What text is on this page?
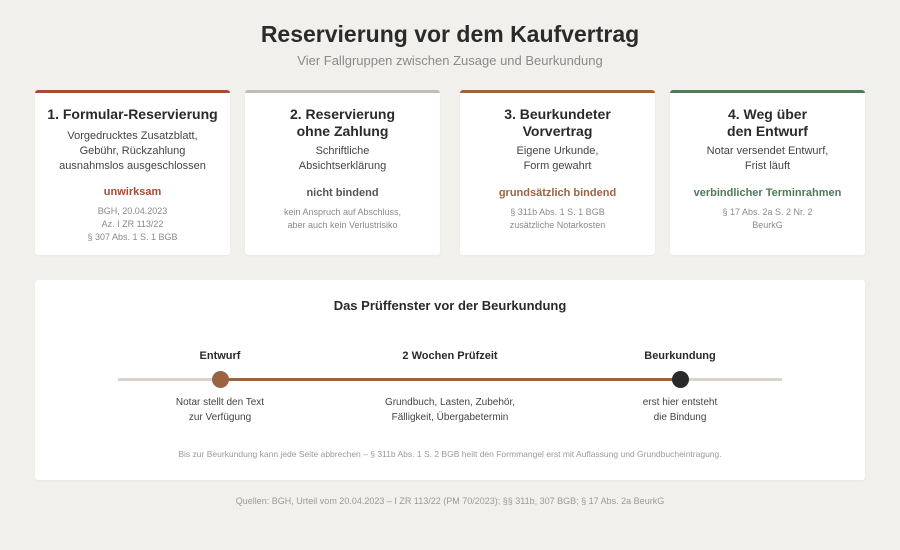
Reservierung vor dem Kaufvertrag
Vier Fallgruppen zwischen Zusage und Beurkundung
1. Formular-Reservierung
Vorgedrucktes Zusatzblatt,
Gebühr, Rückzahlung
ausnahmslos ausgeschlossen
unwirksam
BGH, 20.04.2023
Az. I ZR 113/22
§ 307 Abs. 1 S. 1 BGB
2. Reservierung
ohne Zahlung
Schriftliche
Absichtserklärung
nicht bindend
kein Anspruch auf Abschluss,
aber auch kein Verlustrisiko
3. Beurkundeter
Vorvertrag
Eigene Urkunde,
Form gewahrt
grundsätzlich bindend
§ 311b Abs. 1 S. 1 BGB
zusätzliche Notarkosten
4. Weg über
den Entwurf
Notar versendet Entwurf,
Frist läuft
verbindlicher Terminrahmen
§ 17 Abs. 2a S. 2 Nr. 2
BeurkG
Das Prüffenster vor der Beurkundung
Entwurf	2 Wochen Prüfzeit	Beurkundung
Notar stellt den Text
zur Verfügung
Grundbuch, Lasten, Zubehör,
Fälligkeit, Übergabetermin
erst hier entsteht
die Bindung
Bis zur Beurkundung kann jede Seite abbrechen – § 311b Abs. 1 S. 2 BGB heilt den Formmangel erst mit Auflassung und Grundbucheintragung.
Quellen: BGH, Urteil vom 20.04.2023 – I ZR 113/22 (PM 70/2023); §§ 311b, 307 BGB; § 17 Abs. 2a BeurkG
